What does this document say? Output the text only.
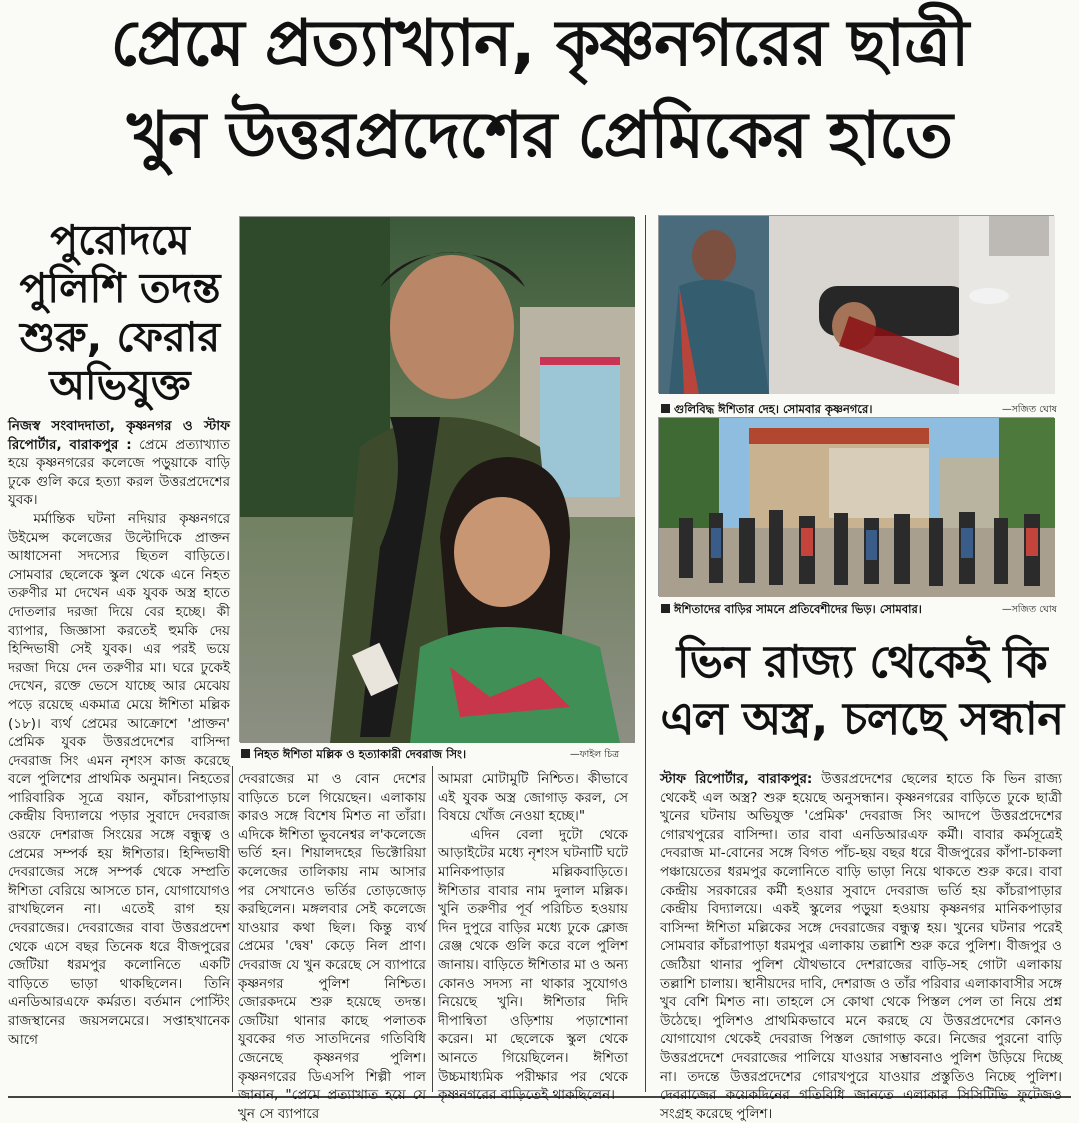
প্রেমে প্রত্যাখ্যান, কৃষ্ণনগরের ছাত্রী
খুন উত্তরপ্রদেশের প্রেমিকের হাতে
পুরোদমে
পুলিশি তদন্ত
শুরু, ফেরার
অভিযুক্ত
নিহত ঈশিতা মল্লিক ও হত্যাকারী দেবরাজ সিং।	—ফাইল চিত্র
গুলিবিদ্ধ ঈশিতার দেহ। সোমবার কৃষ্ণনগরে।	—সজিত ঘোষ
ঈশিতাদের বাড়ির সামনে প্রতিবেশীদের ভিড়। সোমবার।	—সজিত ঘোষ
নিজস্ব সংবাদদাতা, কৃষ্ণনগর ও স্টাফ রিপোর্টার, বারাকপুর : প্রেমে প্রত্যাখ্যাত হয়ে কৃষ্ণনগরের কলেজে পড়ুয়াকে বাড়ি ঢুকে গুলি করে হত্যা করল উত্তরপ্রদেশের যুবক।
মর্মান্তিক ঘটনা নদিয়ার কৃষ্ণনগরে উইমেন্স কলেজের উল্টোদিকে প্রাক্তন আধাসেনা সদস্যের ছিতল বাড়িতে। সোমবার ছেলেকে স্কুল থেকে এনে নিহত তরুণীর মা দেখেন এক যুবক অস্ত্র হাতে দোতলার দরজা দিয়ে বের হচ্ছে। কী ব্যাপার, জিজ্ঞাসা করতেই হুমকি দেয় হিন্দিভাষী সেই যুবক। এর পরই ভয়ে দরজা দিয়ে দেন তরুণীর মা। ঘরে ঢুকেই দেখেন, রক্তে ভেসে যাচ্ছে আর মেঝেয় পড়ে রয়েছে একমাত্র মেয়ে ঈশিতা মল্লিক (১৮)। ব্যর্থ প্রেমের আক্রোশে 'প্রাক্তন' প্রেমিক যুবক উত্তরপ্রদেশের বাসিন্দা দেবরাজ সিং এমন নৃশংস কাজ করেছে বলে পুলিশের প্রাথমিক অনুমান। নিহতের পারিবারিক সূত্রে বয়ান, কাঁচরাপাড়ায় কেন্দ্রীয় বিদ্যালয়ে পড়ার সুবাদে দেবরাজ ওরফে দেশরাজ সিংয়ের সঙ্গে বন্ধুত্ব ও প্রেমের সম্পর্ক হয় ঈশিতার। হিন্দিভাষী দেবরাজের সঙ্গে সম্পর্ক থেকে সম্প্রতি ঈশিতা বেরিয়ে আসতে চান, যোগাযোগও রাখছিলেন না। এতেই রাগ হয় দেবরাজের। দেবরাজের বাবা উত্তরপ্রদেশ থেকে এসে বছর তিনেক ধরে বীজপুরের জেটিয়া ধরমপুর কলোনিতে একটি বাড়িতে ভাড়া থাকছিলেন। তিনি এনডিআরএফে কর্মরত। বর্তমান পোস্টিং রাজস্থানের জয়সলমেরে। সপ্তাহখানেক আগে
দেবরাজের মা ও বোন দেশের বাড়িতে চলে গিয়েছেন। এলাকায় কারও সঙ্গে বিশেষ মিশত না তাঁরা। এদিকে ঈশিতা ভুবনেশ্বর ল'কলেজে ভর্তি হন। শিয়ালদহের ভিক্টোরিয়া কলেজের তালিকায় নাম আসার পর সেখানেও ভর্তির তোড়জোড় করছিলেন। মঙ্গলবার সেই কলেজে যাওয়ার কথা ছিল। কিন্তু ব্যর্থ প্রেমের 'দ্বেষ' কেড়ে নিল প্রাণ। দেবরাজ যে খুন করেছে সে ব্যাপারে কৃষ্ণনগর পুলিশ নিশ্চিত। জোরকদমে শুরু হয়েছে তদন্ত। জেটিয়া থানার কাছে পলাতক যুবকের গত সাতদিনের গতিবিধি জেনেছে কৃষ্ণনগর পুলিশ। কৃষ্ণনগরের ডিএসপি শিল্পী পাল জানান, "প্রেমে প্রত্যাখাত হয়ে যে খুন সে ব্যাপারে
আমরা মোটামুটি নিশ্চিত। কীভাবে এই যুবক অস্ত্র জোগাড় করল, সে বিষয়ে খোঁজ নেওয়া হচ্ছে।"
এদিন বেলা দুটো থেকে আড়াইটের মধ্যে নৃশংস ঘটনাটি ঘটে মানিকপাড়ার মল্লিকবাড়িতে। ঈশিতার বাবার নাম দুলাল মল্লিক। খুনি তরুণীর পূর্ব পরিচিত হওয়ায় দিন দুপুরে বাড়ির মধ্যে ঢুকে ক্লোজ রেঞ্জ থেকে গুলি করে বলে পুলিশ জানায়। বাড়িতে ঈশিতার মা ও অন্য কোনও সদস্য না থাকার সুযোগও নিয়েছে খুনি। ঈশিতার দিদি দীপান্বিতা ওড়িশায় পড়াশোনা করেন। মা ছেলেকে স্কুল থেকে আনতে গিয়েছিলেন। ঈশিতা উচ্চমাধ্যমিক পরীক্ষার পর থেকে কৃষ্ণনগরের বাড়িতেই থাকছিলেন।
ভিন রাজ্য থেকেই কি
এল অস্ত্র, চলছে সন্ধান
স্টাফ রিপোর্টার, বারাকপুর: উত্তরপ্রদেশের ছেলের হাতে কি ভিন রাজ্য থেকেই এল অস্ত্র? শুরু হয়েছে অনুসন্ধান। কৃষ্ণনগরের বাড়িতে ঢুকে ছাত্রী খুনের ঘটনায় অভিযুক্ত 'প্রেমিক' দেবরাজ সিং আদপে উত্তরপ্রদেশের গোরখপুরের বাসিন্দা। তার বাবা এনডিআরএফ কর্মী। বাবার কর্মসূত্রেই দেবরাজ মা-বোনের সঙ্গে বিগত পাঁচ-ছয় বছর ধরে বীজপুরের কাঁপা-চাকলা পঞ্চায়েতের ধরমপুর কলোনিতে বাড়ি ভাড়া নিয়ে থাকতে শুরু করে। বাবা কেন্দ্রীয় সরকারের কর্মী হওয়ার সুবাদে দেবরাজ ভর্তি হয় কাঁচরাপাড়ার কেন্দ্রীয় বিদ্যালয়ে। একই স্কুলের পড়ুয়া হওয়ায় কৃষ্ণনগর মানিকপাড়ার বাসিন্দা ঈশিতা মল্লিকের সঙ্গে দেবরাজের বন্ধুত্ব হয়। খুনের ঘটনার পরেই সোমবার কাঁচরাপাড়া ধরমপুর এলাকায় তল্লাশি শুরু করে পুলিশ। বীজপুর ও জেঠিয়া থানার পুলিশ যৌথভাবে দেশরাজের বাড়ি-সহ গোটা এলাকায় তল্লাশি চালায়। স্থানীয়দের দাবি, দেশরাজ ও তাঁর পরিবার এলাকাবাসীর সঙ্গে খুব বেশি মিশত না। তাহলে সে কোথা থেকে পিস্তল পেল তা নিয়ে প্রশ্ন উঠেছে। পুলিশও প্রাথমিকভাবে মনে করছে যে উত্তরপ্রদেশের কোনও যোগাযোগ থেকেই দেবরাজ পিস্তল জোগাড় করে। নিজের পুরনো বাড়ি উত্তরপ্রদেশে দেবরাজের পালিয়ে যাওয়ার সম্ভাবনাও পুলিশ উড়িয়ে দিচ্ছে না। তদন্তে উত্তরপ্রদেশের গোরখপুরে যাওয়ার প্রস্তুতিও নিচ্ছে পুলিশ। দেবরাজের কয়েকদিনের গতিবিধি জানতে এলাকার সিসিটিভি ফুটেজও সংগ্রহ করেছে পুলিশ।
